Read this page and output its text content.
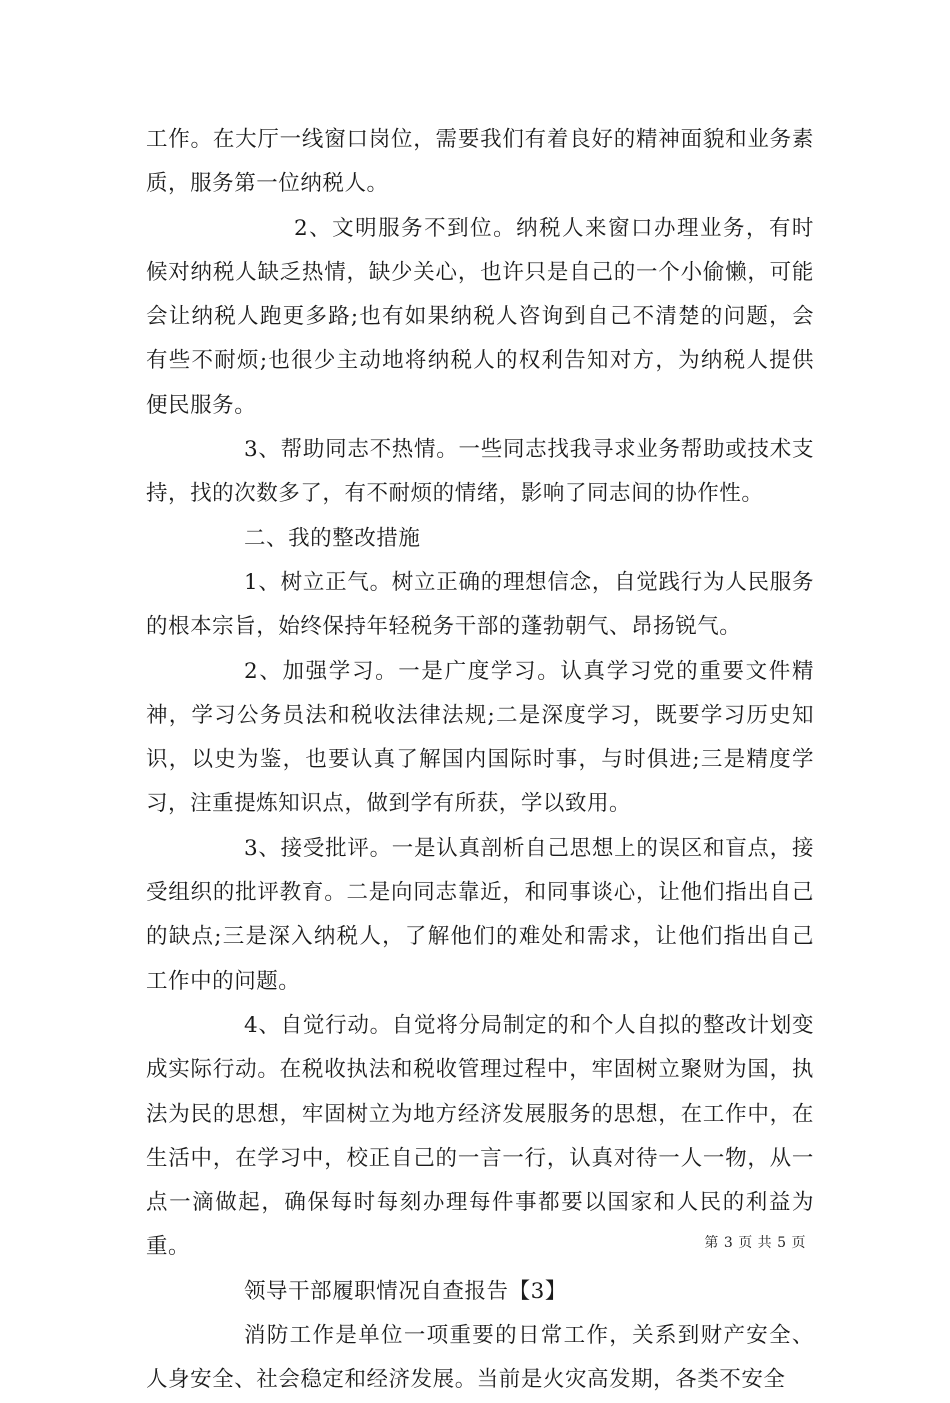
工作。在大厅一线窗口岗位，需要我们有着良好的精神面貌和业务素质，服务第一位纳税人。

2、文明服务不到位。纳税人来窗口办理业务，有时候对纳税人缺乏热情，缺少关心，也许只是自己的一个小偷懒，可能会让纳税人跑更多路;也有如果纳税人咨询到自己不清楚的问题，会有些不耐烦;也很少主动地将纳税人的权利告知对方，为纳税人提供便民服务。

3、帮助同志不热情。一些同志找我寻求业务帮助或技术支持，找的次数多了，有不耐烦的情绪，影响了同志间的协作性。

二、我的整改措施

1、树立正气。树立正确的理想信念，自觉践行为人民服务的根本宗旨，始终保持年轻税务干部的蓬勃朝气、昂扬锐气。

2、加强学习。一是广度学习。认真学习党的重要文件精神，学习公务员法和税收法律法规;二是深度学习，既要学习历史知识，以史为鉴，也要认真了解国内国际时事，与时俱进;三是精度学习，注重提炼知识点，做到学有所获，学以致用。

3、接受批评。一是认真剖析自己思想上的误区和盲点，接受组织的批评教育。二是向同志靠近，和同事谈心，让他们指出自己的缺点;三是深入纳税人，了解他们的难处和需求，让他们指出自己工作中的问题。

4、自觉行动。自觉将分局制定的和个人自拟的整改计划变成实际行动。在税收执法和税收管理过程中，牢固树立聚财为国，执法为民的思想，牢固树立为地方经济发展服务的思想，在工作中，在生活中，在学习中，校正自己的一言一行，认真对待一人一物，从一点一滴做起，确保每时每刻办理每件事都要以国家和人民的利益为重。

领导干部履职情况自查报告【3】

消防工作是单位一项重要的日常工作，关系到财产安全、人身安全、社会稳定和经济发展。当前是火灾高发期，各类不安全

第 3 页 共 5 页
